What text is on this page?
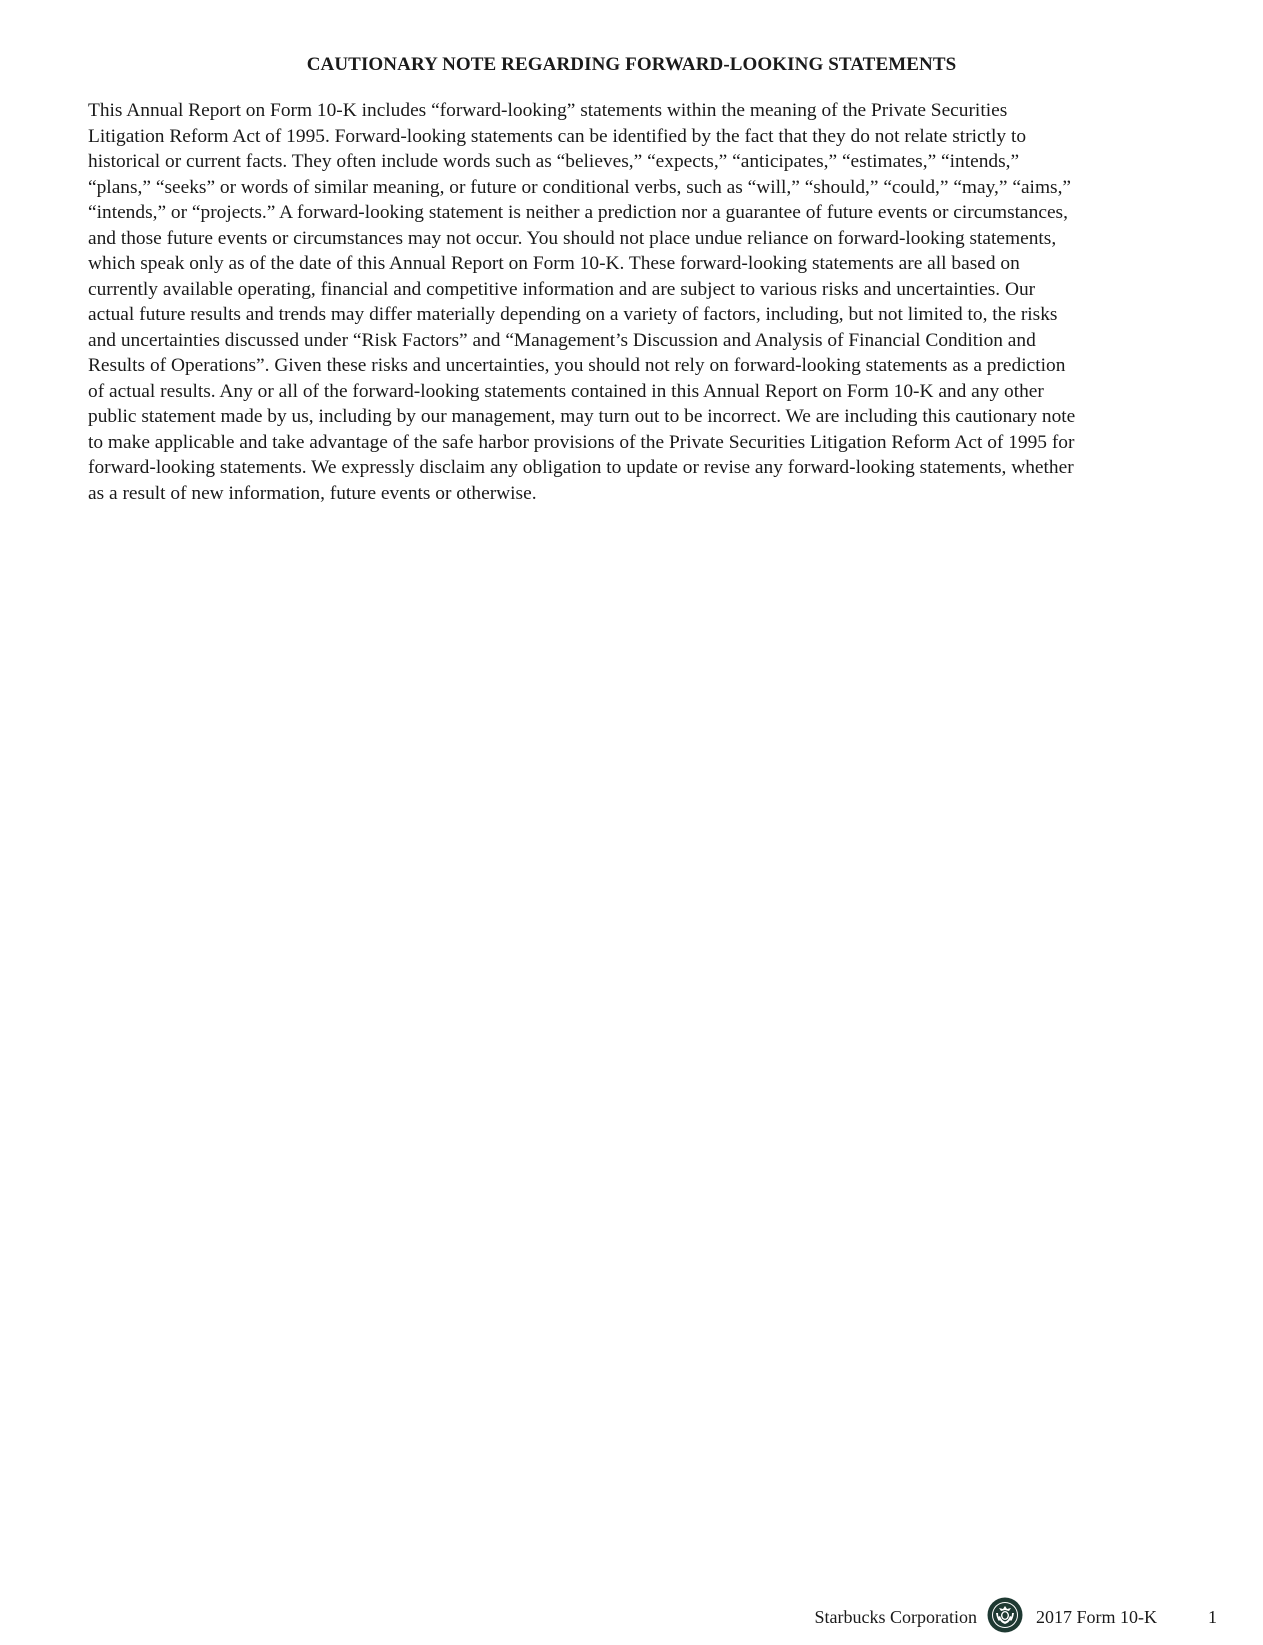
CAUTIONARY NOTE REGARDING FORWARD-LOOKING STATEMENTS
This Annual Report on Form 10-K includes “forward-looking” statements within the meaning of the Private Securities
Litigation Reform Act of 1995. Forward-looking statements can be identified by the fact that they do not relate strictly to
historical or current facts. They often include words such as “believes,” “expects,” “anticipates,” “estimates,” “intends,”
“plans,” “seeks” or words of similar meaning, or future or conditional verbs, such as “will,” “should,” “could,” “may,” “aims,”
“intends,” or “projects.” A forward-looking statement is neither a prediction nor a guarantee of future events or circumstances,
and those future events or circumstances may not occur. You should not place undue reliance on forward-looking statements,
which speak only as of the date of this Annual Report on Form 10-K. These forward-looking statements are all based on
currently available operating, financial and competitive information and are subject to various risks and uncertainties. Our
actual future results and trends may differ materially depending on a variety of factors, including, but not limited to, the risks
and uncertainties discussed under “Risk Factors” and “Management’s Discussion and Analysis of Financial Condition and
Results of Operations”. Given these risks and uncertainties, you should not rely on forward-looking statements as a prediction
of actual results. Any or all of the forward-looking statements contained in this Annual Report on Form 10-K and any other
public statement made by us, including by our management, may turn out to be incorrect. We are including this cautionary note
to make applicable and take advantage of the safe harbor provisions of the Private Securities Litigation Reform Act of 1995 for
forward-looking statements. We expressly disclaim any obligation to update or revise any forward-looking statements, whether
as a result of new information, future events or otherwise.
Starbucks Corporation	2017 Form 10-K	1
